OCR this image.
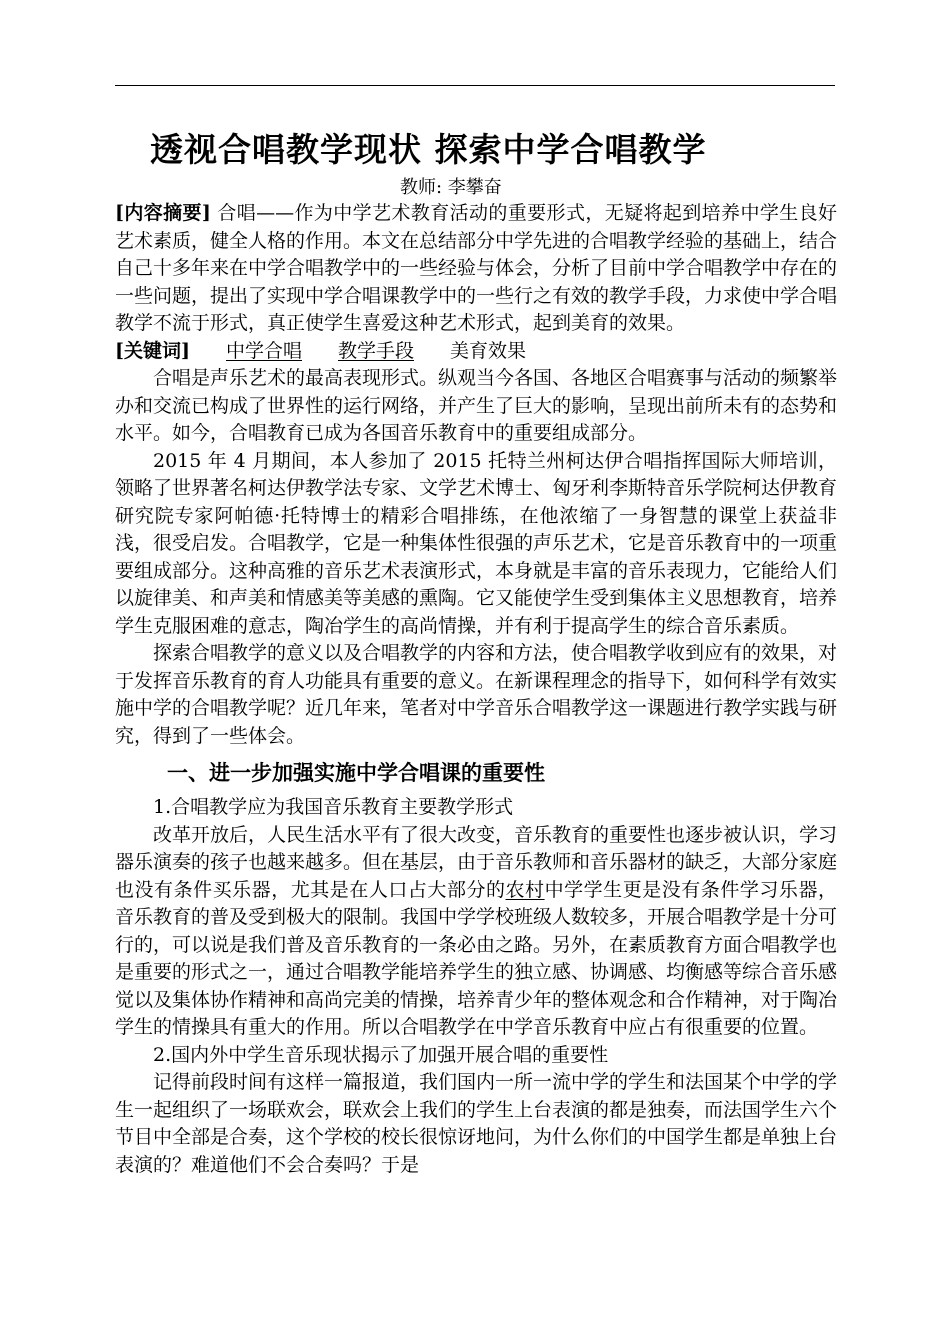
透视合唱教学现状 探索中学合唱教学
教师: 李攀奋

[内容摘要] 合唱——作为中学艺术教育活动的重要形式，无疑将起到培养中学生良好艺术素质，健全人格的作用。本文在总结部分中学先进的合唱教学经验的基础上，结合自己十多年来在中学合唱教学中的一些经验与体会，分析了目前中学合唱教学中存在的一些问题，提出了实现中学合唱课教学中的一些行之有效的教学手段，力求使中学合唱教学不流于形式，真正使学生喜爱这种艺术形式，起到美育的效果。

[关键词] 中学合唱 教学手段 美育效果

合唱是声乐艺术的最高表现形式。纵观当今各国、各地区合唱赛事与活动的频繁举办和交流已构成了世界性的运行网络，并产生了巨大的影响，呈现出前所未有的态势和水平。如今，合唱教育已成为各国音乐教育中的重要组成部分。

2015 年 4 月期间，本人参加了 2015 托特兰州柯达伊合唱指挥国际大师培训，领略了世界著名柯达伊教学法专家、文学艺术博士、匈牙利李斯特音乐学院柯达伊教育研究院专家阿帕德·托特博士的精彩合唱排练，在他浓缩了一身智慧的课堂上获益非浅，很受启发。合唱教学，它是一种集体性很强的声乐艺术，它是音乐教育中的一项重要组成部分。这种高雅的音乐艺术表演形式，本身就是丰富的音乐表现力，它能给人们以旋律美、和声美和情感美等美感的熏陶。它又能使学生受到集体主义思想教育，培养学生克服困难的意志，陶冶学生的高尚情操，并有利于提高学生的综合音乐素质。

探索合唱教学的意义以及合唱教学的内容和方法，使合唱教学收到应有的效果，对于发挥音乐教育的育人功能具有重要的意义。在新课程理念的指导下，如何科学有效实施中学的合唱教学呢？近几年来，笔者对中学音乐合唱教学这一课题进行教学实践与研究，得到了一些体会。

一、进一步加强实施中学合唱课的重要性

1.合唱教学应为我国音乐教育主要教学形式

改革开放后，人民生活水平有了很大改变，音乐教育的重要性也逐步被认识，学习器乐演奏的孩子也越来越多。但在基层，由于音乐教师和音乐器材的缺乏，大部分家庭也没有条件买乐器，尤其是在人口占大部分的农村中学学生更是没有条件学习乐器，音乐教育的普及受到极大的限制。我国中学学校班级人数较多，开展合唱教学是十分可行的，可以说是我们普及音乐教育的一条必由之路。另外，在素质教育方面合唱教学也是重要的形式之一，通过合唱教学能培养学生的独立感、协调感、均衡感等综合音乐感觉以及集体协作精神和高尚完美的情操，培养青少年的整体观念和合作精神，对于陶冶学生的情操具有重大的作用。所以合唱教学在中学音乐教育中应占有很重要的位置。

2.国内外中学生音乐现状揭示了加强开展合唱的重要性

记得前段时间有这样一篇报道，我们国内一所一流中学的学生和法国某个中学的学生一起组织了一场联欢会，联欢会上我们的学生上台表演的都是独奏，而法国学生六个节目中全部是合奏，这个学校的校长很惊讶地问，为什么你们的中国学生都是单独上台表演的？难道他们不会合奏吗？于是
